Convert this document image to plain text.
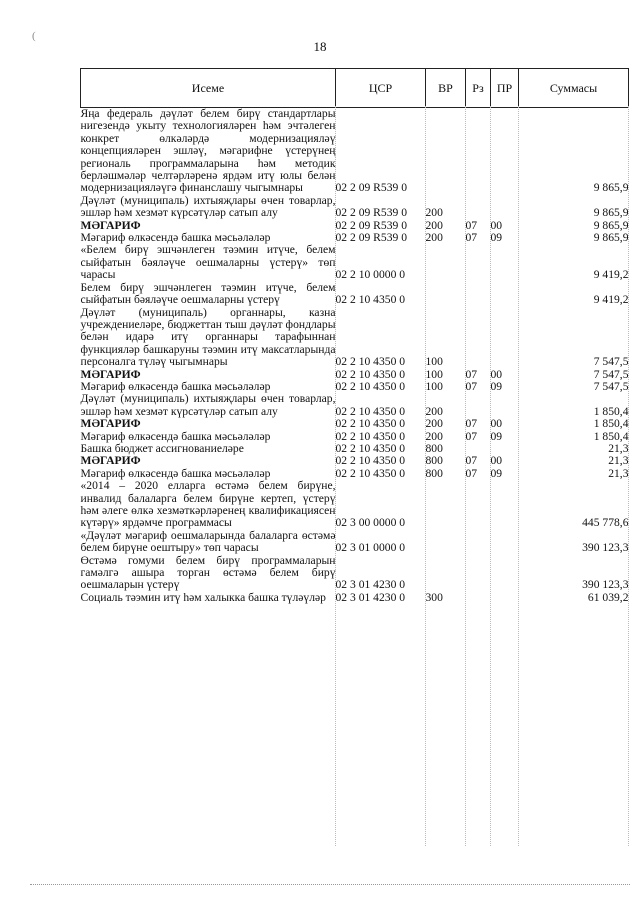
(
18
Исеме	ЦСР	ВР	Рз	ПР	Суммасы
Яңа федераль дәүләт белем бирү стандартлары нигезендә укыту технологияләрен һәм эчтәлеген конкрет өлкәләрдә модернизацияләү концепцияләрен эшләү, мәгарифне үстерүнең региональ программаларына һәм методик берләшмәләр челтәрләренә ярдәм итү юлы белән модернизацияләүгә финанслашу чыгымнары	02 2 09 R539 0				9 865,9
Дәүләт (муниципаль) ихтыяҗлары өчен товарлар, эшләр һәм хезмәт күрсәтүләр сатып алу	02 2 09 R539 0	200			9 865,9
МӘГАРИФ	02 2 09 R539 0	200	07	00	9 865,9
Мәгариф өлкәсендә башка мәсьәләләр	02 2 09 R539 0	200	07	09	9 865,9
«Белем бирү эшчәнлеген тәэмин итүче, белем сыйфатын бәяләүче оешмаларны үстерү» төп чарасы	02 2 10 0000 0				9 419,2
Белем бирү эшчәнлеген тәэмин итүче, белем сыйфатын бәяләүче оешмаларны үстерү	02 2 10 4350 0				9 419,2
Дәүләт (муниципаль) органнары, казна учреждениеләре, бюджеттан тыш дәүләт фондлары белән идарә итү органнары тарафыннан функцияләр башкаруны тәэмин итү максатларында персоналга түләү чыгымнары	02 2 10 4350 0	100			7 547,5
МӘГАРИФ	02 2 10 4350 0	100	07	00	7 547,5
Мәгариф өлкәсендә башка мәсьәләләр	02 2 10 4350 0	100	07	09	7 547,5
Дәүләт (муниципаль) ихтыяҗлары өчен товарлар, эшләр һәм хезмәт күрсәтүләр сатып алу	02 2 10 4350 0	200			1 850,4
МӘГАРИФ	02 2 10 4350 0	200	07	00	1 850,4
Мәгариф өлкәсендә башка мәсьәләләр	02 2 10 4350 0	200	07	09	1 850,4
Башка бюджет ассигнованиеләре	02 2 10 4350 0	800			21,3
МӘГАРИФ	02 2 10 4350 0	800	07	00	21,3
Мәгариф өлкәсендә башка мәсьәләләр	02 2 10 4350 0	800	07	09	21,3
«2014 – 2020 елларга өстәмә белем бирүне, инвалид балаларга белем бирүне кертеп, үстерү һәм әлеге өлкә хезмәткәрләренең квалификациясен күтәрү» ярдәмче программасы	02 3 00 0000 0				445 778,6
«Дәүләт мәгариф оешмаларында балаларга өстәмә белем бирүне оештыру» төп чарасы	02 3 01 0000 0				390 123,3
Өстәмә гомуми белем бирү программаларын гамәлгә ашыра торган өстәмә белем бирү оешмаларын үстерү	02 3 01 4230 0				390 123,3
Социаль тәэмин итү һәм халыкка башка түләүләр	02 3 01 4230 0	300			61 039,2
